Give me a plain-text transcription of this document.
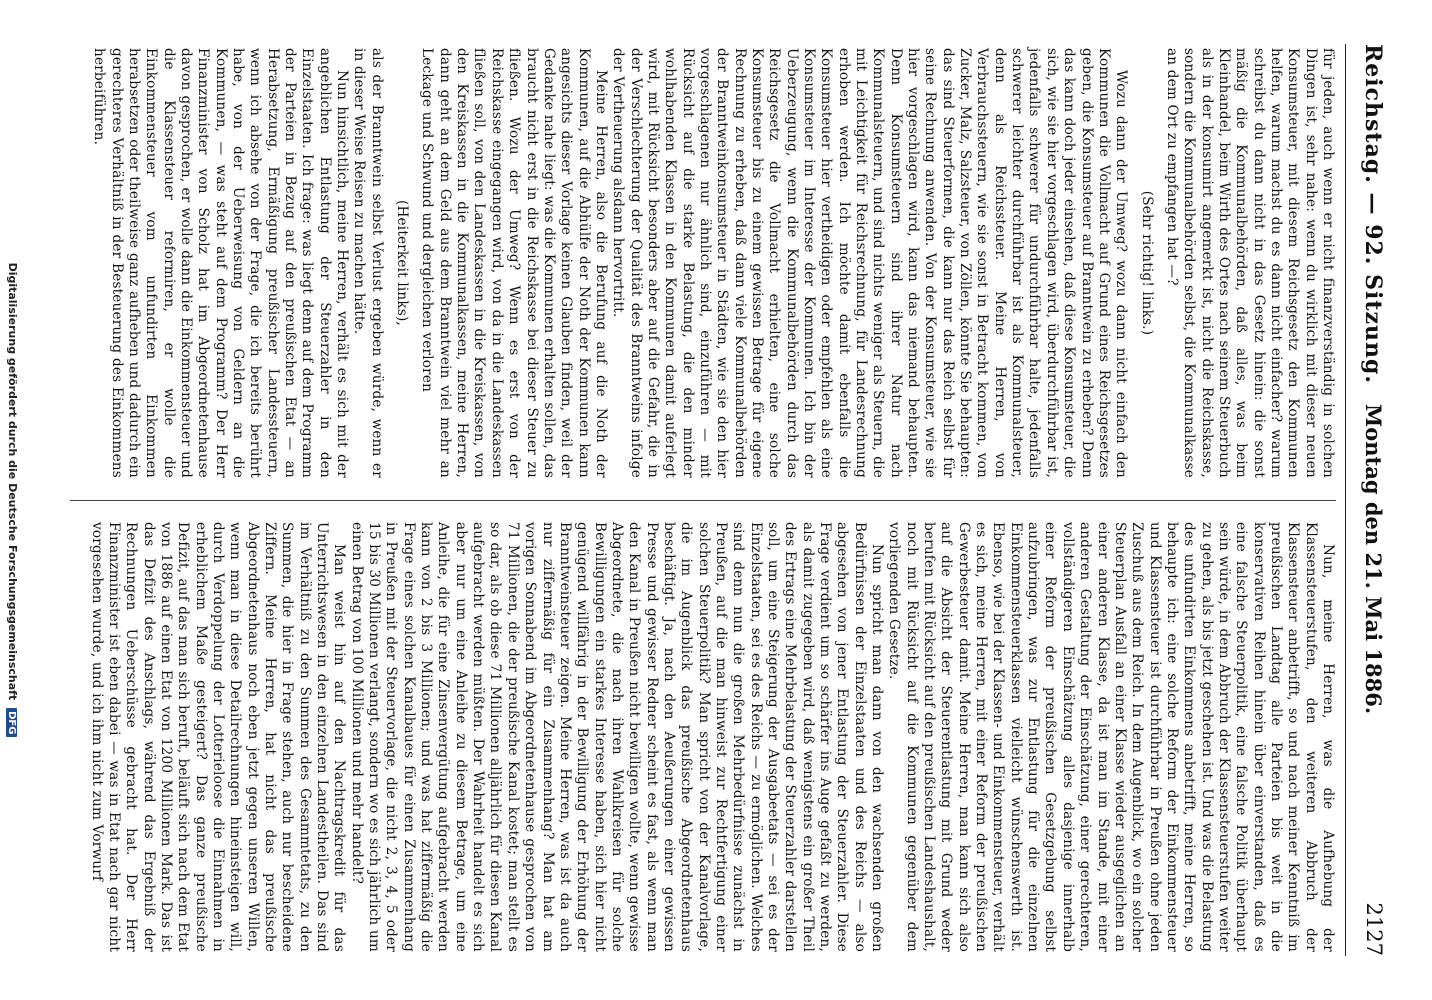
Reichstag. — 92. Sitzung.
Montag den 21. Mai 1886.
2127

für jeden, auch wenn er nicht finanzverständig in solchen Dingen ist, sehr nahe: wenn du wirklich mit dieser neuen Konsumsteuer, mit diesem Reichsgesetz den Kommunen helfen, warum machst du es dann nicht einfacher? warum schreibst du dann nicht in das Gesetz hinein: die sonst mäßig die Kommunalbehörden, daß alles, was beim Kleinhandel, beim Wirth des Ortes nach seinem Steuerbuch als in der konsumirt angemerkt ist, nicht die Reichskasse, sondern die Kommunalbehörden selbst, die Kommunalkasse an dem Ort zu empfangen hat —?

(Sehr richtig! links.)

Wozu dann der Umweg? wozu dann nicht einfach den Kommunen die Vollmacht auf Grund eines Reichsgesetzes geben, die Konsumsteuer auf Branntwein zu erheben? Denn das kann doch jeder einsehen, daß diese Konsumsteuer, die sich, wie sie hier vorgeschlagen wird, überdurchführbar ist, jedenfalls schwerer für undurchführbar halte, jedenfalls schwerer leichter durchführbar ist als Kommunalsteuer, denn als Reichssteuer. Meine Herren, von Verbrauchssteuern, wie sie sonst in Betracht kommen, von Zucker, Malz, Salzsteuer, von Zöllen, könnte Sie behaupten: das sind Steuerformen, die kann nur das Reich selbst für seine Rechnung anwenden. Von der Konsumsteuer, wie sie hier vorgeschlagen wird, kann das niemand behaupten. Denn Konsumsteuern sind ihrer Natur nach Kommunalsteuern, und sind nichts weniger als Steuern, die mit Leichtigkeit für Reichsrechnung, für Landesrechnung erhoben werden. Ich möchte damit ebenfalls die Konsumsteuer hier vertheidigen oder empfehlen als eine Konsumsteuer im Interesse der Kommunen. Ich bin der Ueberzeugung, wenn die Kommunalbehörden durch das Reichsgesetz die Vollmacht erhielten, eine solche Konsumsteuer bis zu einem gewissen Betrage für eigene Rechnung zu erheben, daß dann viele Kommunalbehörden der Branntweinkonsumsteuer in Städten, wie sie den hier vorgeschlagenen nur ähnlich sind, einzuführen — mit Rücksicht auf die starke Belastung, die den minder wohlhabenden Klassen in den Kommunen damit auferlegt wird, mit Rücksicht besonders aber auf die Gefahr, die in der Verschlechterung der Qualität des Branntweins infolge der Vertheuerung alsdann hervortritt.

Meine Herren, also die Berufung auf die Noth der Kommunen, auf die Abhülfe der Noth der Kommunen kann angesichts dieser Vorlage keinen Glauben finden, weil der Gedanke nahe liegt: was die Kommunen erhalten sollen, das braucht nicht erst in die Reichskasse bei dieser Steuer zu fließen. Wozu der Umweg? Wenn es erst von der Reichskasse eingegangen wird, von da in die Landeskassen fließen soll, von den Landeskassen in die Kreiskassen, von den Kreiskassen in die Kommunalkassen, meine Herren, dann geht an dem Geld aus dem Branntwein viel mehr an Leckage und Schwund und dergleichen verloren

(Heiterkeit links),

als der Branntwein selbst Verlust ergeben würde, wenn er in dieser Weise Reisen zu machen hätte.

Nun hinsichtlich, meine Herren, verhält es sich mit der angeblichen Entlastung der Steuerzahler in den Einzelstaaten. Ich frage: was liegt denn auf dem Programm der Parteien in Bezug auf den preußischen Etat — an Herabsetzung, Ermäßigung preußischer Landessteuern, wenn ich absehe von der Frage, die ich bereits berührt habe, von der Ueberweisung von Geldern an die Kommunen, — was steht auf dem Programm? Der Herr Finanzminister von Scholz hat im Abgeordnetenhause davon gesprochen, er wolle dann die Einkommensteuer und die Klassensteuer reformiren, er wolle die Einkommensteuer vom unfundirten Einkommen herabsetzen oder theilweise ganz aufheben und dadurch ein gerechteres Verhältniß in der Besteuerung des Einkommens herbeiführen.

Nun, meine Herren, was die Aufhebung der Klassensteuerstufen, den weiteren Abbruch der Klassensteuer anbetrifft, so und nach meiner Kenntniß im preußischen Landtag alle Parteien bis weit in die konservativen Reihen hinein über einverstanden, daß es eine falsche Steuerpolitik, eine falsche Politik überhaupt sein würde, in dem Abbruch der Klassensteuerstufen weiter zu gehen, als bis jetzt geschehen ist. Und was die Belastung des unfundirten Einkommens anbetrifft, meine Herren, so behaupte ich: eine solche Reform der Einkommensteuer und Klassensteuer ist durchführbar in Preußen ohne jeden Zuschuß aus dem Reich. In dem Augenblick, wo ein solcher Steuerplan Ausfall an einer Klasse wieder ausgeglichen an einer anderen Klasse, da ist man im Stande, mit einer anderen Gestaltung der Einschätzung, einer gerechteren, vollständigeren Einschätzung alles dasjenige innerhalb einer Reform der preußischen Gesetzgebung selbst aufzubringen, was zur Entlastung für die einzelnen Einkommensteuerklassen vielleicht wünschenswerth ist. Ebenso, wie bei der Klassen- und Einkommensteuer, verhält es sich, meine Herren, mit einer Reform der preußischen Gewerbesteuer damit. Meine Herren, man kann sich also auf die Absicht der Steuerentlastung mit Grund weder berufen mit Rücksicht auf den preußischen Landeshaushalt, noch mit Rücksicht auf die Kommunen gegenüber dem vorliegenden Gesetze.

Nun spricht man dann von den wachsenden großen Bedürfnissen der Einzelstaaten und des Reichs — also abgesehen von jener Entlastung der Steuerzahler. Diese Frage verdient um so schärfer ins Auge gefaßt zu werden, als damit zugegeben wird, daß wenigstens ein großer Theil des Ertrags eine Mehrbelastung der Steuerzahler darstellen soll, um eine Steigerung der Ausgabeetats — sei es der Einzelstaaten, sei es des Reichs — zu ermöglichen. Welches sind denn nun die großen Mehrbedürfnisse zunächst in Preußen, auf die man hinweist zur Rechtfertigung einer solchen Steuerpolitik? Man spricht von der Kanalvorlage, die im Augenblick das preußische Abgeordnetenhaus beschäftigt. Ja, nach den Aeußerungen einer gewissen Presse und gewisser Redner scheint es fast, als wenn man den Kanal in Preußen nicht bewilligen wollte, wenn gewisse Abgeordnete, die nach ihren Wahlkreisen für solche Bewilligungen ein starkes Interesse haben, sich hier nicht genügend willfährig in der Bewilligung der Erhöhung der Branntweinsteuer zeigen. Meine Herren, was ist da auch nur ziffermäßig für ein Zusammenhang? Man hat am vorigen Sonnabend im Abgeordnetenhause gesprochen von 71 Millionen, die der preußische Kanal kostet; man stellt es so dar, als ob diese 71 Millionen alljährlich für diesen Kanal aufgebracht werden müßten. Der Wahrheit handelt es sich aber nur um eine Anleihe zu diesem Betrage, um eine Anleihe, die für eine Zinsenvergütung aufgebracht werden kann von 2 bis 3 Millionen; und was hat ziffermäßig die Frage eines solchen Kanalbaues für einen Zusammenhang in Preußen mit der Steuervorlage, die nicht 2, 3, 4, 5 oder 15 bis 30 Millionen verlangt, sondern wo es sich jährlich um einen Betrag von 100 Millionen und mehr handelt?

Man weist hin auf den Nachtragskredit für das Unterrichtswesen in den einzelnen Landestheilen. Das sind im Verhältniß zu den Summen des Gesammtetats, zu den Summen, die hier in Frage stehen, auch nur bescheidene Ziffern. Meine Herren, hat nicht das preußische Abgeordnetenhaus noch eben jetzt gegen unseren Willen, wenn man in diese Detailrechnungen hineinsteigen will, durch Verdoppelung der Lotterieloose die Einnahmen in erheblichem Maße gesteigert? Das ganze preußische Defizit, auf das man sich beruft, beläuft sich nach dem Etat von 1886 auf einen Etat von 1200 Millionen Mark. Das ist das Defizit des Anschlags, während das Ergebniß der Rechnungen Ueberschüsse gebracht hat. Der Herr Finanzminister ist eben dabei — was in Etat nach gar nicht vorgesehen wurde, und ich ihm nicht zum Vorwurf

Digitalisierung gefördert durch die Deutsche Forschungsgemeinschaft DFG
